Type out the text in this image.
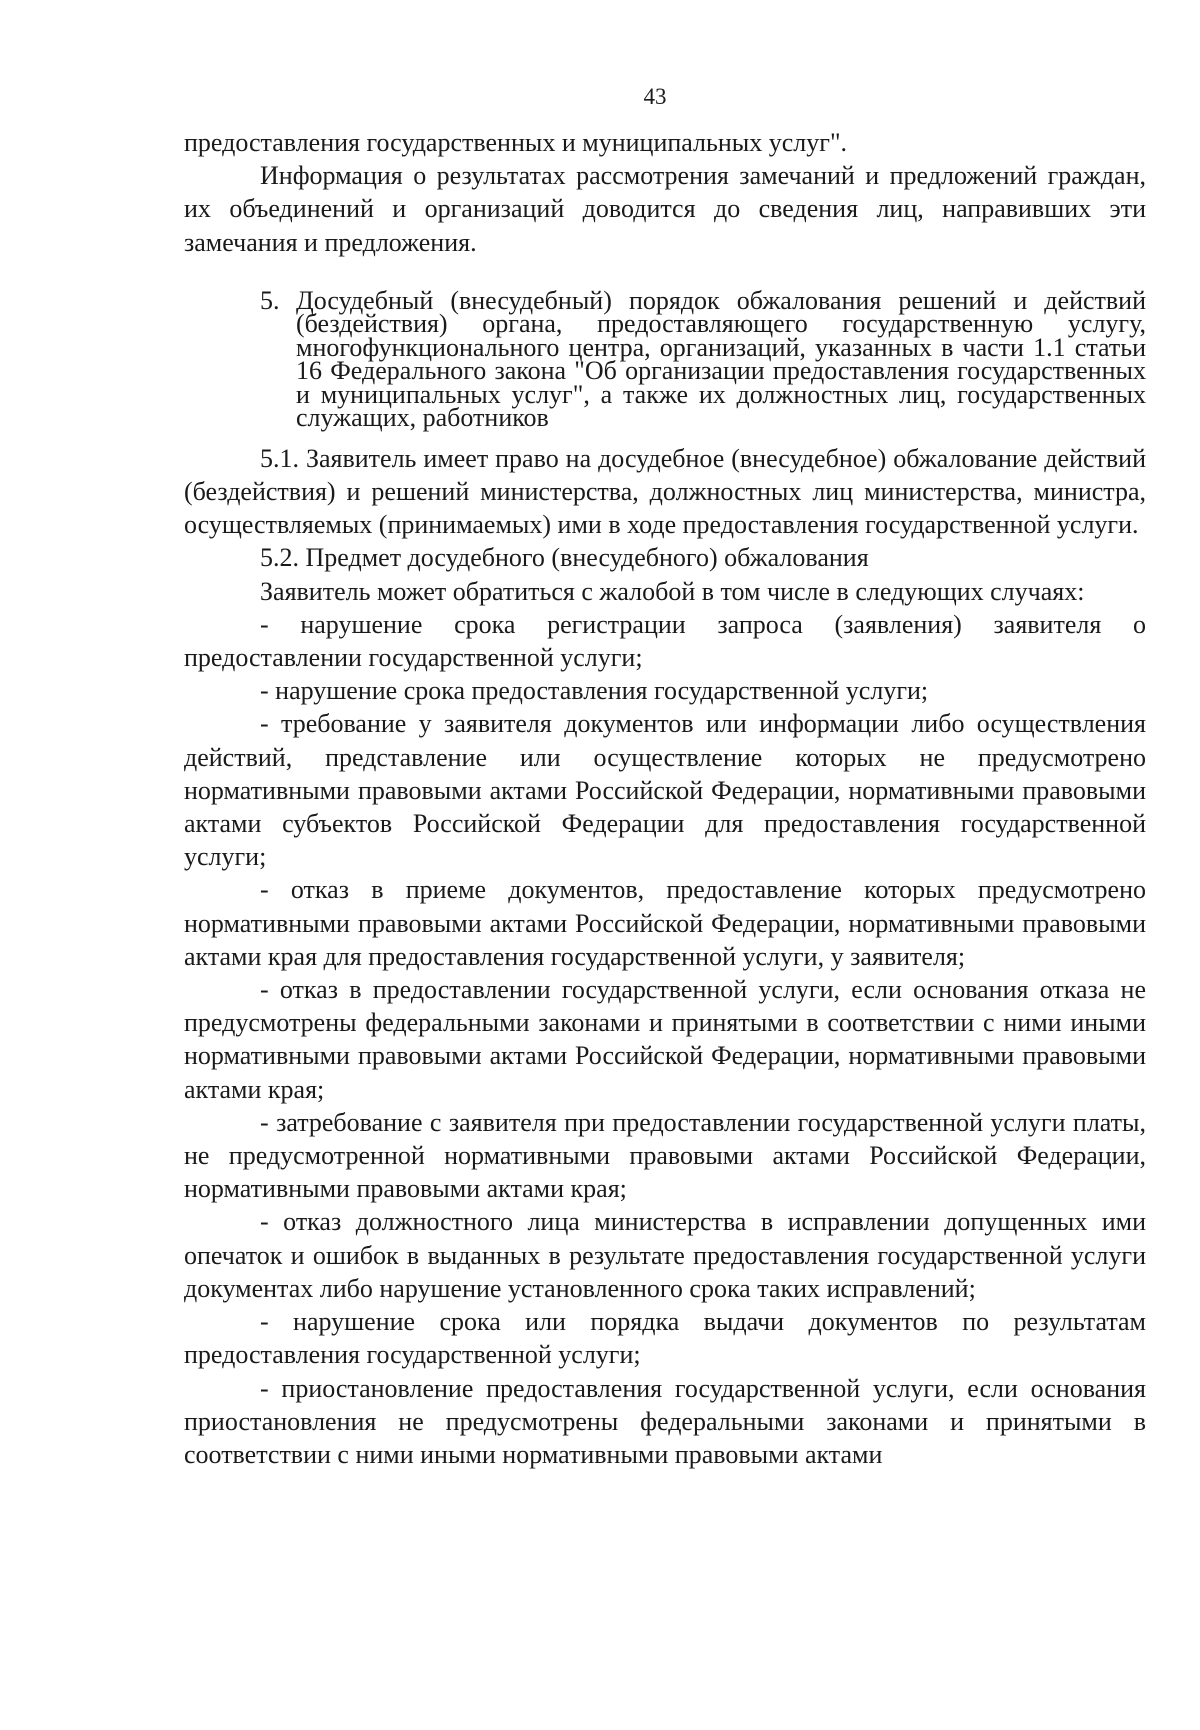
43

предоставления государственных и муниципальных услуг".

Информация о результатах рассмотрения замечаний и предложений граждан, их объединений и организаций доводится до сведения лиц, направивших эти замечания и предложения.

5. Досудебный (внесудебный) порядок обжалования решений и действий (бездействия) органа, предоставляющего государственную услугу, многофункционального центра, организаций, указанных в части 1.1 статьи 16 Федерального закона "Об организации предоставления государственных и муниципальных услуг", а также их должностных лиц, государственных служащих, работников

5.1. Заявитель имеет право на досудебное (внесудебное) обжалование действий (бездействия) и решений министерства, должностных лиц министерства, министра, осуществляемых (принимаемых) ими в ходе предоставления государственной услуги.

5.2. Предмет досудебного (внесудебного) обжалования

Заявитель может обратиться с жалобой в том числе в следующих случаях:

- нарушение срока регистрации запроса (заявления) заявителя о предоставлении государственной услуги;

- нарушение срока предоставления государственной услуги;

- требование у заявителя документов или информации либо осуществления действий, представление или осуществление которых не предусмотрено нормативными правовыми актами Российской Федерации, нормативными правовыми актами субъектов Российской Федерации для предоставления государственной услуги;

- отказ в приеме документов, предоставление которых предусмотрено нормативными правовыми актами Российской Федерации, нормативными правовыми актами края для предоставления государственной услуги, у заявителя;

- отказ в предоставлении государственной услуги, если основания отказа не предусмотрены федеральными законами и принятыми в соответствии с ними иными нормативными правовыми актами Российской Федерации, нормативными правовыми актами края;

- затребование с заявителя при предоставлении государственной услуги платы, не предусмотренной нормативными правовыми актами Российской Федерации, нормативными правовыми актами края;

- отказ должностного лица министерства в исправлении допущенных ими опечаток и ошибок в выданных в результате предоставления государственной услуги документах либо нарушение установленного срока таких исправлений;

- нарушение срока или порядка выдачи документов по результатам предоставления государственной услуги;

- приостановление предоставления государственной услуги, если основания приостановления не предусмотрены федеральными законами и принятыми в соответствии с ними иными нормативными правовыми актами
